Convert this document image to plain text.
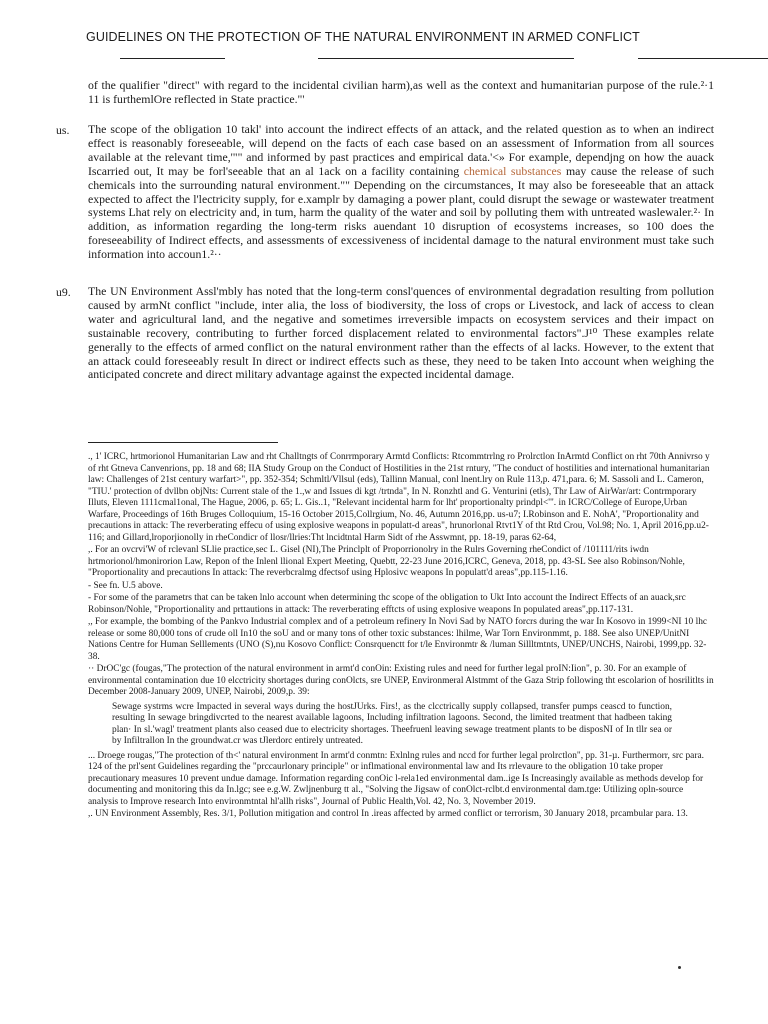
GUIDELINES ON THE PROTECTION OF THE NATURAL ENVIRONMENT IN ARMED CONFLICT
of the qualifier "direct" with regard to the incidental civilian harm),as well as the context and humanitarian purpose of the rule.²·1 11 is furthemlOre reflected in State practice."'
us. The scope of the obligation 10 takl' into account the indirect effects of an attack, and the related question as to when an indirect effect is reasonably foreseeable, will depend on the facts of each case based on an assessment of Information from all sources available at the relevant time,'"" and informed by past practices and empirical data.'<» For example, dependjng on how the auack Iscarried out, It may be forl'seeable that an al 1ack on a facility containing chemical substances may cause the release of such chemicals into the surrounding natural environment."" Depending on the circumstances, It may also be foreseeable that an attack expected to affect the l'lectricity supply, for e.xamplr by damaging a power plant, could disrupt the sewage or wastewater treatment systems Lhat rely on electricity and, in tum, harm the quality of the water and soil by polluting them with untreated waslewaler.²· In addition, as information regarding the long-term risks auendant 10 disruption of ecosystems increases, so 100 does the foreseeability of Indirect effects, and assessments of excessiveness of incidental damage to the natural environment must take such information into accoun1.²··
u9. The UN Environment Assl'mbly has noted that the long-term consl'quences of environmental degradation resulting from pollution caused by armNt conflict "include, inter alia, the loss of biodiversity, the loss of crops or Livestock, and lack of access to clean water and agricultural land, and the negative and sometimes irreversible impacts on ecosystem services and their impact on sustainable recovery, contributing to further forced displacement related to environmental factors".J¹⁰ These examples relate generally to the effects of armed conflict on the natural environment rather than the effects of al lacks. However, to the extent that an attack could foreseeably result In direct or indirect effects such as these, they need to be taken Into account when weighing the anticipated concrete and direct military advantage against the expected incidental damage.
., 1' ICRC, hrtmorionol Humanitarian Law and rht Challtngts of Conrrmporary Armtd Conflicts: Rtcommtrrlng ro Prolrctlon InArmtd Conflict on rht 70th Annivrso y of rht Gtneva Canvenrions, pp. 18 and 68; IIA Study Group on the Conduct of Hostilities in the 21st rntury, "The conduct of hostilities and international humanitarian law: Challenges of 21st century warfart>", pp. 352-354; Schmltl/Vllsul (eds), Tallinn Manual, conl lnent.lry on Rule 113,p. 471,para. 6; M. Sassoli and L. Cameron, "TIU.' protection of dvllbn objNts: Current stale of the 1.,w and Issues di kgt /trtnda", In N. Ronzhtl and G. Venturini (etls), Thr Law of AirWar/art: Contrmporary Illuts, Eleven 1111cmal1onal, The Hague, 2006, p. 65; L. Gis..1, "Relevant incidental harm for lht' proportionalty prindpl<'". in ICRC/College of Europe,Urban Warfare, Proceedings of 16th Bruges Colloquium, 15-16 October 2015,Collrgium, No. 46, Autumn 2016,pp. us-u7; I.Robinson and E. NohA', "Proportionality and precautions in attack: The reverberating effecu of using explosive weapons in populatt-d areas", hrunorlonal Rtvt1Y of tht Rtd Crou, Vol.98; No. 1, April 2016,pp.u2-116; and Gillard,lroporjionolly in rheCondicr of llosr/llries:Tht lncidtntal Harm Sidt of rhe Asswmnt, pp. 18-19, paras 62-64,
,. For an ovcrvi'W of rclevanl SLlie practice,sec L. Gisel (NI),The Princlplt of Proporrionolry in the Rulrs Governing rheCondict of /101111/rits iwdn hrtmorionol/hmonirorion Law, Repon of the Inlenl llional Expert Meeting, Quebtt, 22-23 June 2016,ICRC, Geneva, 2018, pp. 43-SL See also Robinson/Nohle, "Proportionality and precautions In attack: The reverbcralmg dfectsof using Hplosivc weapons In populatt'd areas",pp.115-1.16.
- See fn. U.5 above.
- For some of the parametrs that can be taken lnlo account when determining thc scope of the obligation to Ukt Into account the Indirect Effects of an auack,src Robinson/Nohle, "Proportionality and prttautions in attack: The reverberating efftcts of using explosive weapons In populated areas",pp.117-131.
,, For example, the bombing of the Pankvo Industrial complex and of a petroleum refinery In Novi Sad by NATO forcrs during the war In Kosovo in 1999<NI 10 lhc release or some 80,000 tons of crude oll In10 the soU and or many tons of other toxic substances: lhilme, War Torn Environmmt, p. 188. See also UNEP/UnitNI Nations Centre for Human Selllements (UNO (S),nu Kosovo Conflict: Consrquenctt for t/le Environmtr & /luman Sillltmtnts, UNEP/UNCHS, Nairobi, 1999,pp. 32-38.
·· DrOC'gc (fougas,"The protection of the natural environment in armt'd conOin: Existing rules and need for further legal proIN:Iion", p. 30. For an example of environmental contamination due 10 elcctricity shortages during conOlcts, sre UNEP, Environmeral Alstmmt of the Gaza Strip following tht escolarion of hosrilitlts in December 2008-January 2009, UNEP, Nairobi, 2009,p. 39:
Sewage systrms wcre Impacted in several ways during the hostJUrks. Firs!, as the clcctrically supply collapsed, transfer pumps ceascd to function, resulting In sewage bringdivcrted to the nearest available lagoons, Including infiltration lagoons. Second, the limited treatment that hadbeen taking plan· In sl.'wagl' treatment plants also ceased due to electricity shortages. Theefruenl leaving sewage treatment plants to be disposNI of In tllr sea or by Infiltrallon In the groundwat.cr was tJlerdorc entirely untreated.
... Droege rougas,"The protection of th<' natural environment In armt'd conmtn: Exlnlng rules and nccd for further legal prolrctlon", pp. 31-µ. Furthermorr, src para. 124 of the prl'sent Guidelines regarding the "prccaurlonary principle" or inflmational environmental law and Its rrlevaure to the obligation 10 take proper precautionary measures 10 prevent undue damage. Information regarding conOic l-rela1ed environmental dam..ige Is Increasingly available as methods develop for documenting and monitoring this da In.lgc; see e.g.W. Zwljnenburg tt al., "Solving the Jigsaw of conOlct-rclbt.d environmental dam.tge: Utilizing opln-source analysis to Improve research Into environmtntal hl'allh risks", Journal of Public Health,Vol. 42, No. 3, November 2019.
,. UN Environment Assembly, Res. 3/1, Pollution mitigation and control In .ireas affected by armed conflict or terrorism, 30 January 2018, prcambular para. 13.
